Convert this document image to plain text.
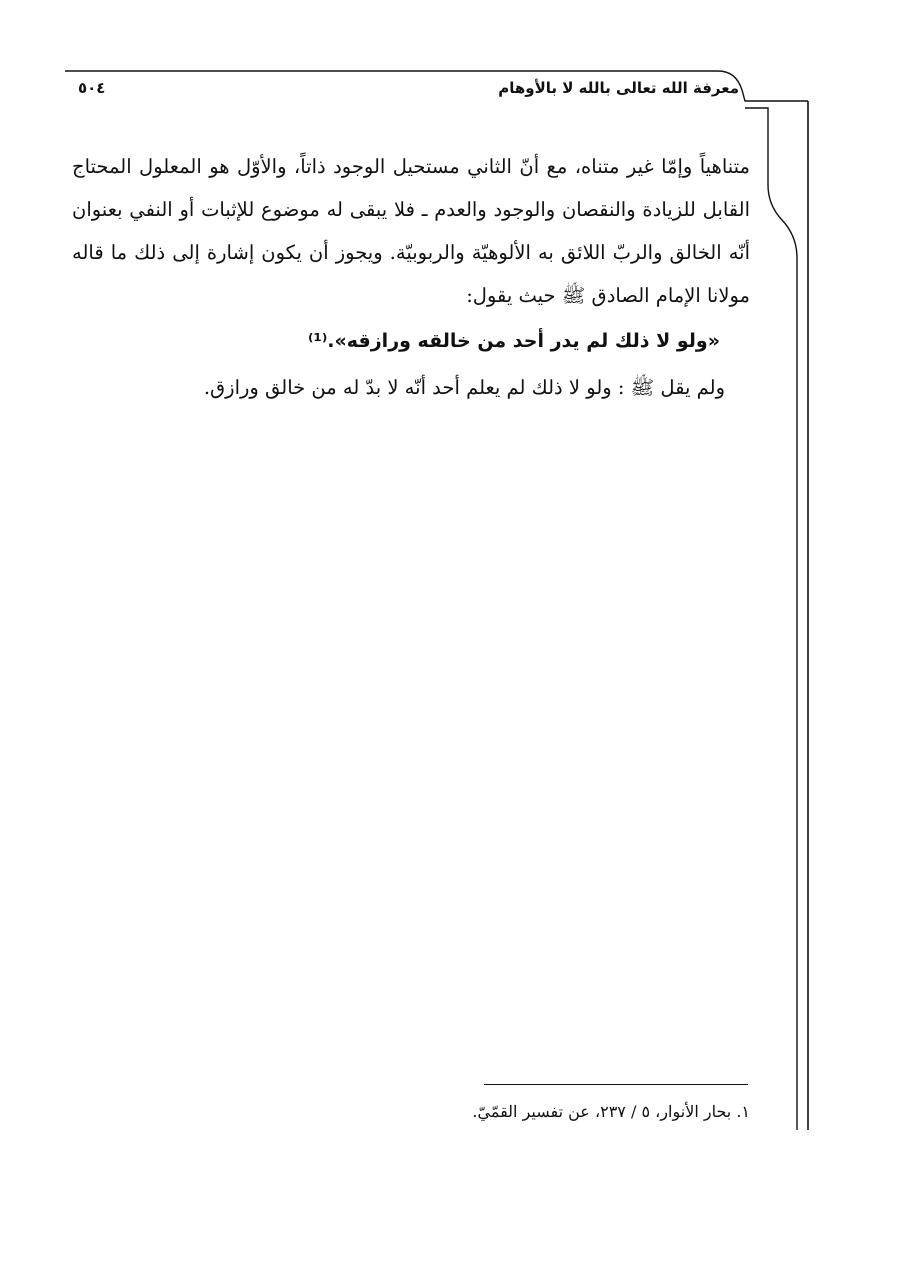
معرفة الله تعالى بالله لا بالأوهام
٥٠٤

متناهياً وإمّا غير متناه، مع أنّ الثاني مستحيل الوجود ذاتاً، والأوّل هو المعلول المحتاج القابل للزيادة والنقصان والوجود والعدم ـ فلا يبقى له موضوع للإثبات أو النفي بعنوان أنّه الخالق والربّ اللائق به الألوهيّة والربوبيّة. ويجوز أن يكون إشارة إلى ذلك ما قاله مولانا الإمام الصادق ﷺ حيث يقول:

«ولو لا ذلك لم يدر أحد من خالقه ورازقه».⁽¹⁾
ولم يقل ﷺ : ولو لا ذلك لم يعلم أحد أنّه لا بدّ له من خالق ورازق.
١. بحار الأنوار، ٥ / ٢٣٧، عن تفسير القمّيّ.
